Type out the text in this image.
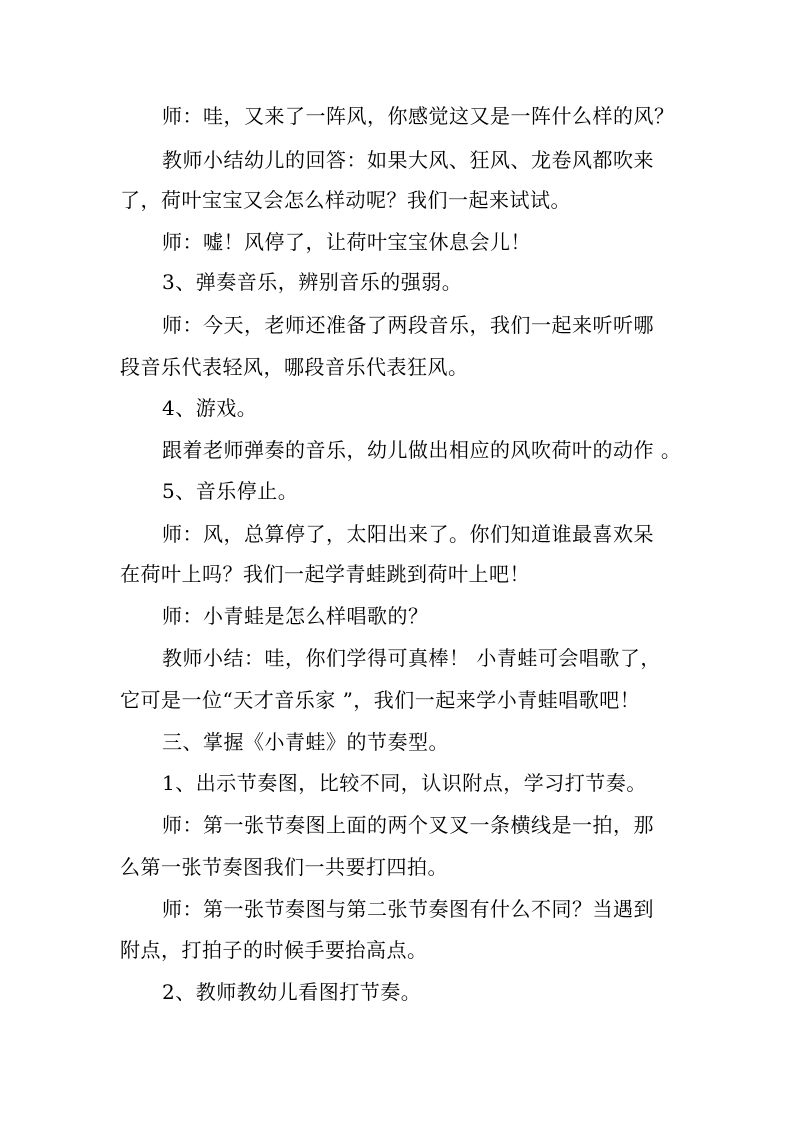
师：哇，又来了一阵风，你感觉这又是一阵什么样的风？
教师小结幼儿的回答：如果大风、狂风、龙卷风都吹来
了，荷叶宝宝又会怎么样动呢？我们一起来试试。
师：嘘！风停了，让荷叶宝宝休息会儿！
3、弹奏音乐，辨别音乐的强弱。
师：今天，老师还准备了两段音乐，我们一起来听听哪
段音乐代表轻风，哪段音乐代表狂风。
4、游戏。
跟着老师弹奏的音乐，幼儿做出相应的风吹荷叶的动作 。
5、音乐停止。
师：风，总算停了，太阳出来了。你们知道谁最喜欢呆
在荷叶上吗？我们一起学青蛙跳到荷叶上吧！
师：小青蛙是怎么样唱歌的？
教师小结：哇，你们学得可真棒！ 小青蛙可会唱歌了，
它可是一位“天才音乐家 ”，我们一起来学小青蛙唱歌吧！
三、掌握《小青蛙》的节奏型。
1、出示节奏图，比较不同，认识附点，学习打节奏。
师：第一张节奏图上面的两个叉叉一条横线是一拍，那
么第一张节奏图我们一共要打四拍。
师：第一张节奏图与第二张节奏图有什么不同？当遇到
附点，打拍子的时候手要抬高点。
2、教师教幼儿看图打节奏。
